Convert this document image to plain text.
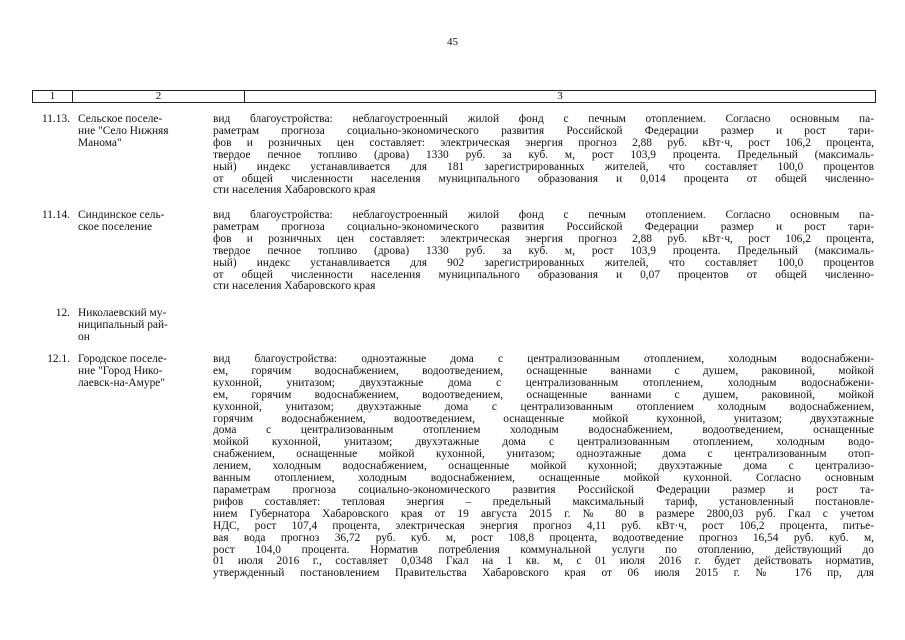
45
1	2	3
11.13. Сельское поселе-
ние "Село Нижняя
Манома"
вид благоустройства: неблагоустроенный жилой фонд с печным отоплением. Согласно основным па-
раметрам прогноза социально-экономического развития Российской Федерации размер и рост тари-
фов и розничных цен составляет: электрическая энергия прогноз 2,88 руб. кВт·ч, рост 106,2 процента,
твердое печное топливо (дрова) 1330 руб. за куб. м, рост 103,9 процента. Предельный (максималь-
ный) индекс устанавливается для 181 зарегистрированных жителей, что составляет 100,0 процентов
от общей численности населения муниципального образования и 0,014 процента от общей численно-
сти населения Хабаровского края
11.14. Синдинское сель-
ское поселение
вид благоустройства: неблагоустроенный жилой фонд с печным отоплением. Согласно основным па-
раметрам прогноза социально-экономического развития Российской Федерации размер и рост тари-
фов и розничных цен составляет: электрическая энергия прогноз 2,88 руб. кВт·ч, рост 106,2 процента,
твердое печное топливо (дрова) 1330 руб. за куб. м, рост 103,9 процента. Предельный (максималь-
ный) индекс устанавливается для 902 зарегистрированных жителей, что составляет 100,0 процентов
от общей численности населения муниципального образования и 0,07 процентов от общей численно-
сти населения Хабаровского края
12. Николаевский му-
ниципальный рай-
он
12.1. Городское поселе-
ние "Город Нико-
лаевск-на-Амуре"
вид благоустройства: одноэтажные дома с централизованным отоплением, холодным водоснабжени-
ем, горячим водоснабжением, водоотведением, оснащенные ваннами с душем, раковиной, мойкой
кухонной, унитазом; двухэтажные дома с централизованным отоплением, холодным водоснабжени-
ем, горячим водоснабжением, водоотведением, оснащенные ваннами с душем, раковиной, мойкой
кухонной, унитазом; двухэтажные дома с централизованным отоплением холодным водоснабжением,
горячим водоснабжением, водоотведением, оснащенные мойкой кухонной, унитазом; двухэтажные
дома с централизованным отоплением холодным водоснабжением, водоотведением, оснащенные
мойкой кухонной, унитазом; двухэтажные дома с централизованным отоплением, холодным водо-
снабжением, оснащенные мойкой кухонной, унитазом; одноэтажные дома с централизованным отоп-
лением, холодным водоснабжением, оснащенные мойкой кухонной; двухэтажные дома с централизо-
ванным отоплением, холодным водоснабжением, оснащенные мойкой кухонной. Согласно основным
параметрам прогноза социально-экономического развития Российской Федерации размер и рост та-
рифов составляет: тепловая энергия – предельный максимальный тариф, установленный постановле-
нием Губернатора Хабаровского края от 19 августа 2015 г. № 80 в размере 2800,03 руб. Гкал с учетом
НДС, рост 107,4 процента, электрическая энергия прогноз 4,11 руб. кВт·ч, рост 106,2 процента, питье-
вая вода прогноз 36,72 руб. куб. м, рост 108,8 процента, водоотведение прогноз 16,54 руб. куб. м,
рост 104,0 процента. Норматив потребления коммунальной услуги по отоплению, действующий до
01 июля 2016 г., составляет 0,0348 Гкал на 1 кв. м, с 01 июля 2016 г. будет действовать норматив,
утвержденный постановлением Правительства Хабаровского края от 06 июля 2015 г. № 176 пр, для
